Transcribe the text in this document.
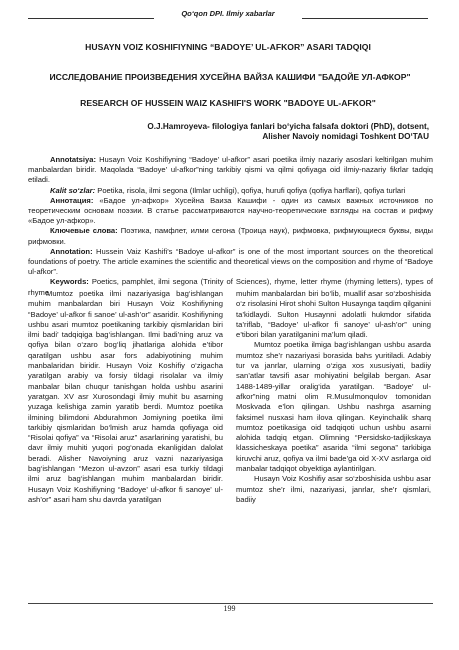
Qo‘qon DPI. Ilmiy xabarlar
HUSAYN VOIZ KOSHIFIYNING “BADOYE’ UL-AFKOR” ASARI TADQIQI
ИССЛЕДОВАНИЕ ПРОИЗВЕДЕНИЯ ХУСЕЙНА ВАЙЗА КАШИФИ "БАДОЙЕ УЛ-АФКОР"
RESEARCH OF HUSSEIN WAIZ KASHIFI'S WORK "BADOYE UL-AFKOR"
O.J.Hamroyeva- filologiya fanlari bo‘yicha falsafa doktori (PhD), dotsent,
Alisher Navoiy nomidagi Toshkent DO‘TAU

Annotatsiya: Husayn Voiz Koshifiyning “Badoye’ ul-afkor” asari poetika ilmiy nazariy asoslari keltirilgan muhim manbalardan biridir. Maqolada “Badoye’ ul-afkor”ning tarkibiy qismi va qilmi qofiyaga oid ilmiy-nazariy fikrlar tadqiq etiladi.

Kalit so‘zlar: Poetika, risola, ilmi segona (Ilmlar uchligi), qofiya, hurufi qofiya (qofiya harflari), qofiya turlari

Аннотация: «Бадое ул-афкор» Хусейна Ваиза Кашифи - один из самых важных источников по теоретическим основам поэзии. В статье рассматриваются научно-теоретические взгляды на состав и рифму «Бадое ул-афкор».

Ключевые слова: Поэтика, памфлет, илми сегона (Троица наук), рифмовка, рифмующиеся буквы, виды рифмовки.

Annotation: Hussein Vaiz Kashifi's “Badoye ul-afkor” is one of the most important sources on the theoretical foundations of poetry. The article examines the scientific and theoretical views on the composition and rhyme of “Badoye ul-afkor”.

Keywords: Poetics, pamphlet, ilmi segona (Trinity of Sciences), rhyme, letter rhyme (rhyming letters), types of rhyme

Mumtoz poetika ilmi nazariyasiga bag‘ishlangan muhim manbalardan biri Husayn Voiz Koshifiyning “Badoye’ ul-afkor fi sanoe’ ul-ash’or” asaridir. Koshifiyning ushbu asari mumtoz poetikaning tarkibiy qismlaridan biri ilmi badi’ tadqiqiga bag‘ishlangan. Ilmi badi’ning aruz va qofiya bilan o‘zaro bog‘liq jihatlariga alohida e’tibor qaratilgan ushbu asar fors adabiyotining muhim manbalaridan biridir. Husayn Voiz Koshifiy o‘zigacha yaratilgan arabiy va forsiy tildagi risolalar va ilmiy manbalar bilan chuqur tanishgan holda ushbu asarini yaratgan. XV asr Xurosondagi ilmiy muhit bu asarning yuzaga kelishiga zamin yaratib berdi. Mumtoz poetika ilmining bilimdoni Abdurahmon Jomiyning poetika ilmi tarkibiy qismlaridan bo‘lmish aruz hamda qofiyaga oid “Risolai qofiya” va “Risolai aruz” asarlarining yaratishi, bu davr ilmiy muhiti yuqori pog‘onada ekanligidan dalolat beradi. Alisher Navoiyning aruz vazni nazariyasiga bag‘ishlangan “Mezon ul-avzon” asari esa turkiy tildagi ilmi aruz bag‘ishlangan muhim manbalardan biridir. Husayn Voiz Koshifiyning “Badoye’ ul-afkor fi sanoye’ ul-ash’or” asari ham shu davrda yaratilgan

muhim manbalardan biri bo‘lib, muallif asar so‘zboshisida o‘z risolasini Hirot shohi Sulton Husaynga taqdim qilganini ta’kidlaydi. Sulton Husaynni adolatli hukmdor sifatida ta’riflab, “Badoye’ ul-afkor fi sanoye’ ul-ash’or” uning e’tibori bilan yaratilganini ma’lum qiladi.

Mumtoz poetika ilmiga bag‘ishlangan ushbu asarda mumtoz she’r nazariyasi borasida bahs yuritiladi. Adabiy tur va janrlar, ularning o‘ziga xos xususiyati, badiiy san’atlar tavsifi asar mohiyatini belgilab bergan. Asar 1488-1489-yillar oralig‘ida yaratilgan. “Badoye’ ul-afkor”ning matni olim R.Musulmonqulov tomonidan Moskvada e’lon qilingan. Ushbu nashrga asarning faksimel nusxasi ham ilova qilingan. Keyinchalik sharq mumtoz poetikasiga oid tadqiqoti uchun ushbu asarni alohida tadqiq etgan. Olimning “Persidsko-tadjikskaya klassicheskaya poetika” asarida “ilmi segona” tarkibiga kiruvchi aruz, qofiya va ilmi bade’ga oid X-XV asrlarga oid manbalar tadqiqot obyektiga aylantirilgan.

Husayn Voiz Koshifiy asar so‘zboshisida ushbu asar mumtoz she’r ilmi, nazariyasi, janrlar, she’r qismlari, badiiy

199
